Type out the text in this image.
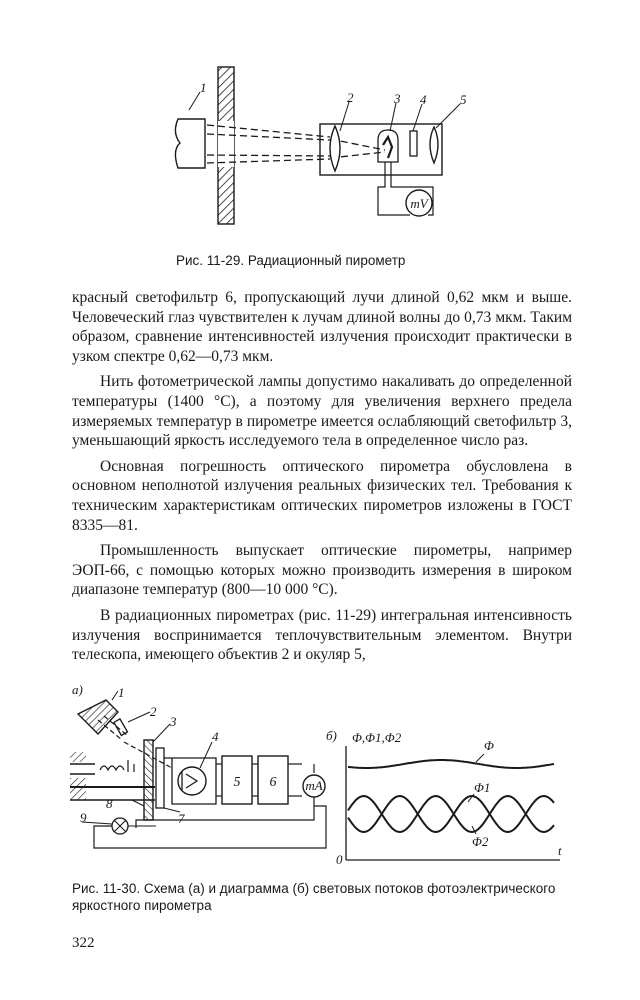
mV
1
2	3 4	5
Рис. 11-29. Радиационный пирометр

красный светофильтр 6, пропускающий лучи длиной 0,62 мкм и выше. Человеческий глаз чувствителен к лучам длиной волны до 0,73 мкм. Таким образом, сравнение интенсивностей излучения происходит практически в узком спектре 0,62—0,73 мкм.

Нить фотометрической лампы допустимо накаливать до определенной температуры (1400 °С), а поэтому для увеличения верхнего предела измеряемых температур в пирометре имеется ослабляющий светофильтр 3, уменьшающий яркость исследуемого тела в определенное число раз.

Основная погрешность оптического пирометра обусловлена в основном неполнотой излучения реальных физических тел. Требования к техническим характеристикам оптических пирометров изложены в ГОСТ 8335—81.

Промышленность выпускает оптические пирометры, например ЭОП-66, с помощью которых можно производить измерения в широком диапазоне температур (800—10 000 °С).

В радиационных пирометрах (рис. 11-29) интегральная интенсивность излучения воспринимается теплочувствительным элементом. Внутри телескопа, имеющего объектив 2 и окуляр 5,

а)	1
2
3
8
7
4
5 6 mA
9
б) Φ,Φ1,Φ2
0
t
Φ
Φ1
Φ2
Рис. 11-30. Схема (а) и диаграмма (б) световых потоков фотоэлектрического яркостного пирометра
322
